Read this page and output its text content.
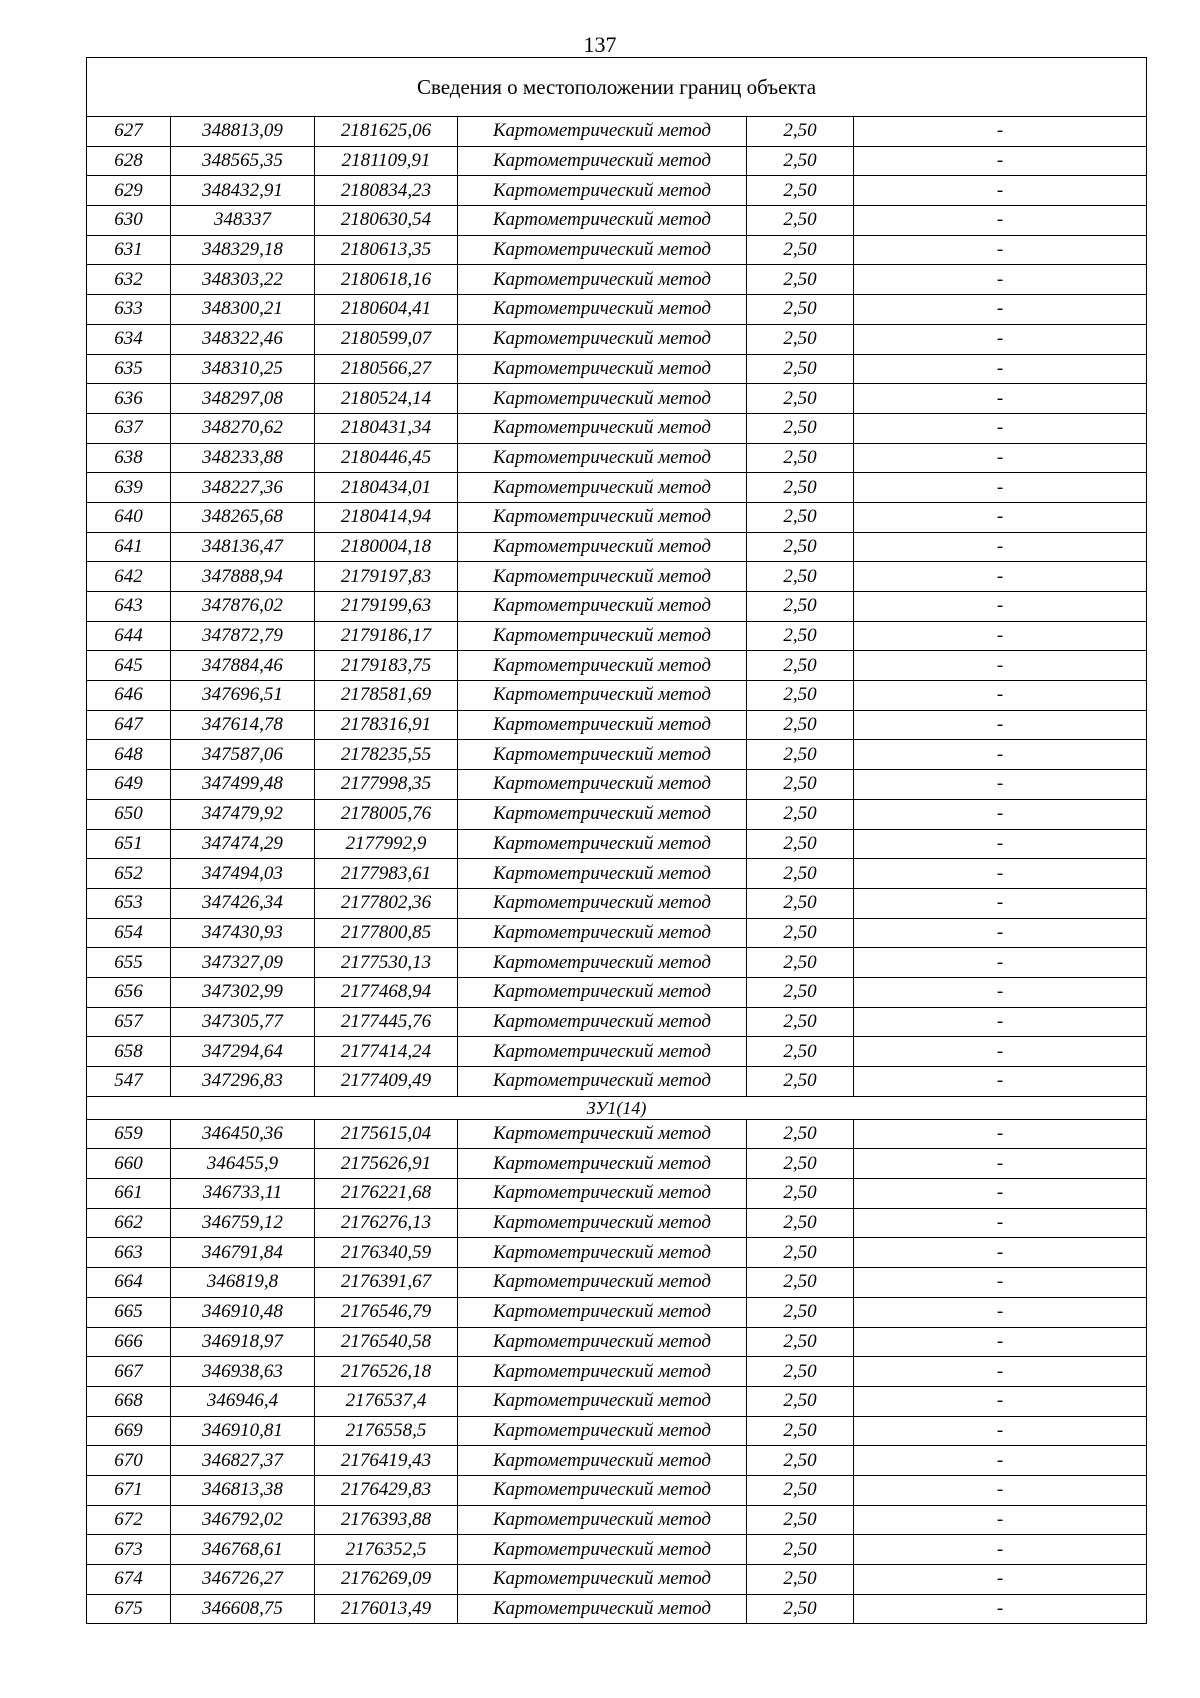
137
Сведения о местоположении границ объекта					
627	348813,09	2181625,06	Картометрический метод	2,50	-
628	348565,35	2181109,91	Картометрический метод	2,50	-
629	348432,91	2180834,23	Картометрический метод	2,50	-
630	348337	2180630,54	Картометрический метод	2,50	-
631	348329,18	2180613,35	Картометрический метод	2,50	-
632	348303,22	2180618,16	Картометрический метод	2,50	-
633	348300,21	2180604,41	Картометрический метод	2,50	-
634	348322,46	2180599,07	Картометрический метод	2,50	-
635	348310,25	2180566,27	Картометрический метод	2,50	-
636	348297,08	2180524,14	Картометрический метод	2,50	-
637	348270,62	2180431,34	Картометрический метод	2,50	-
638	348233,88	2180446,45	Картометрический метод	2,50	-
639	348227,36	2180434,01	Картометрический метод	2,50	-
640	348265,68	2180414,94	Картометрический метод	2,50	-
641	348136,47	2180004,18	Картометрический метод	2,50	-
642	347888,94	2179197,83	Картометрический метод	2,50	-
643	347876,02	2179199,63	Картометрический метод	2,50	-
644	347872,79	2179186,17	Картометрический метод	2,50	-
645	347884,46	2179183,75	Картометрический метод	2,50	-
646	347696,51	2178581,69	Картометрический метод	2,50	-
647	347614,78	2178316,91	Картометрический метод	2,50	-
648	347587,06	2178235,55	Картометрический метод	2,50	-
649	347499,48	2177998,35	Картометрический метод	2,50	-
650	347479,92	2178005,76	Картометрический метод	2,50	-
651	347474,29	2177992,9	Картометрический метод	2,50	-
652	347494,03	2177983,61	Картометрический метод	2,50	-
653	347426,34	2177802,36	Картометрический метод	2,50	-
654	347430,93	2177800,85	Картометрический метод	2,50	-
655	347327,09	2177530,13	Картометрический метод	2,50	-
656	347302,99	2177468,94	Картометрический метод	2,50	-
657	347305,77	2177445,76	Картометрический метод	2,50	-
658	347294,64	2177414,24	Картометрический метод	2,50	-
547	347296,83	2177409,49	Картометрический метод	2,50	-
ЗУ1(14)					
659	346450,36	2175615,04	Картометрический метод	2,50	-
660	346455,9	2175626,91	Картометрический метод	2,50	-
661	346733,11	2176221,68	Картометрический метод	2,50	-
662	346759,12	2176276,13	Картометрический метод	2,50	-
663	346791,84	2176340,59	Картометрический метод	2,50	-
664	346819,8	2176391,67	Картометрический метод	2,50	-
665	346910,48	2176546,79	Картометрический метод	2,50	-
666	346918,97	2176540,58	Картометрический метод	2,50	-
667	346938,63	2176526,18	Картометрический метод	2,50	-
668	346946,4	2176537,4	Картометрический метод	2,50	-
669	346910,81	2176558,5	Картометрический метод	2,50	-
670	346827,37	2176419,43	Картометрический метод	2,50	-
671	346813,38	2176429,83	Картометрический метод	2,50	-
672	346792,02	2176393,88	Картометрический метод	2,50	-
673	346768,61	2176352,5	Картометрический метод	2,50	-
674	346726,27	2176269,09	Картометрический метод	2,50	-
675	346608,75	2176013,49	Картометрический метод	2,50	-
